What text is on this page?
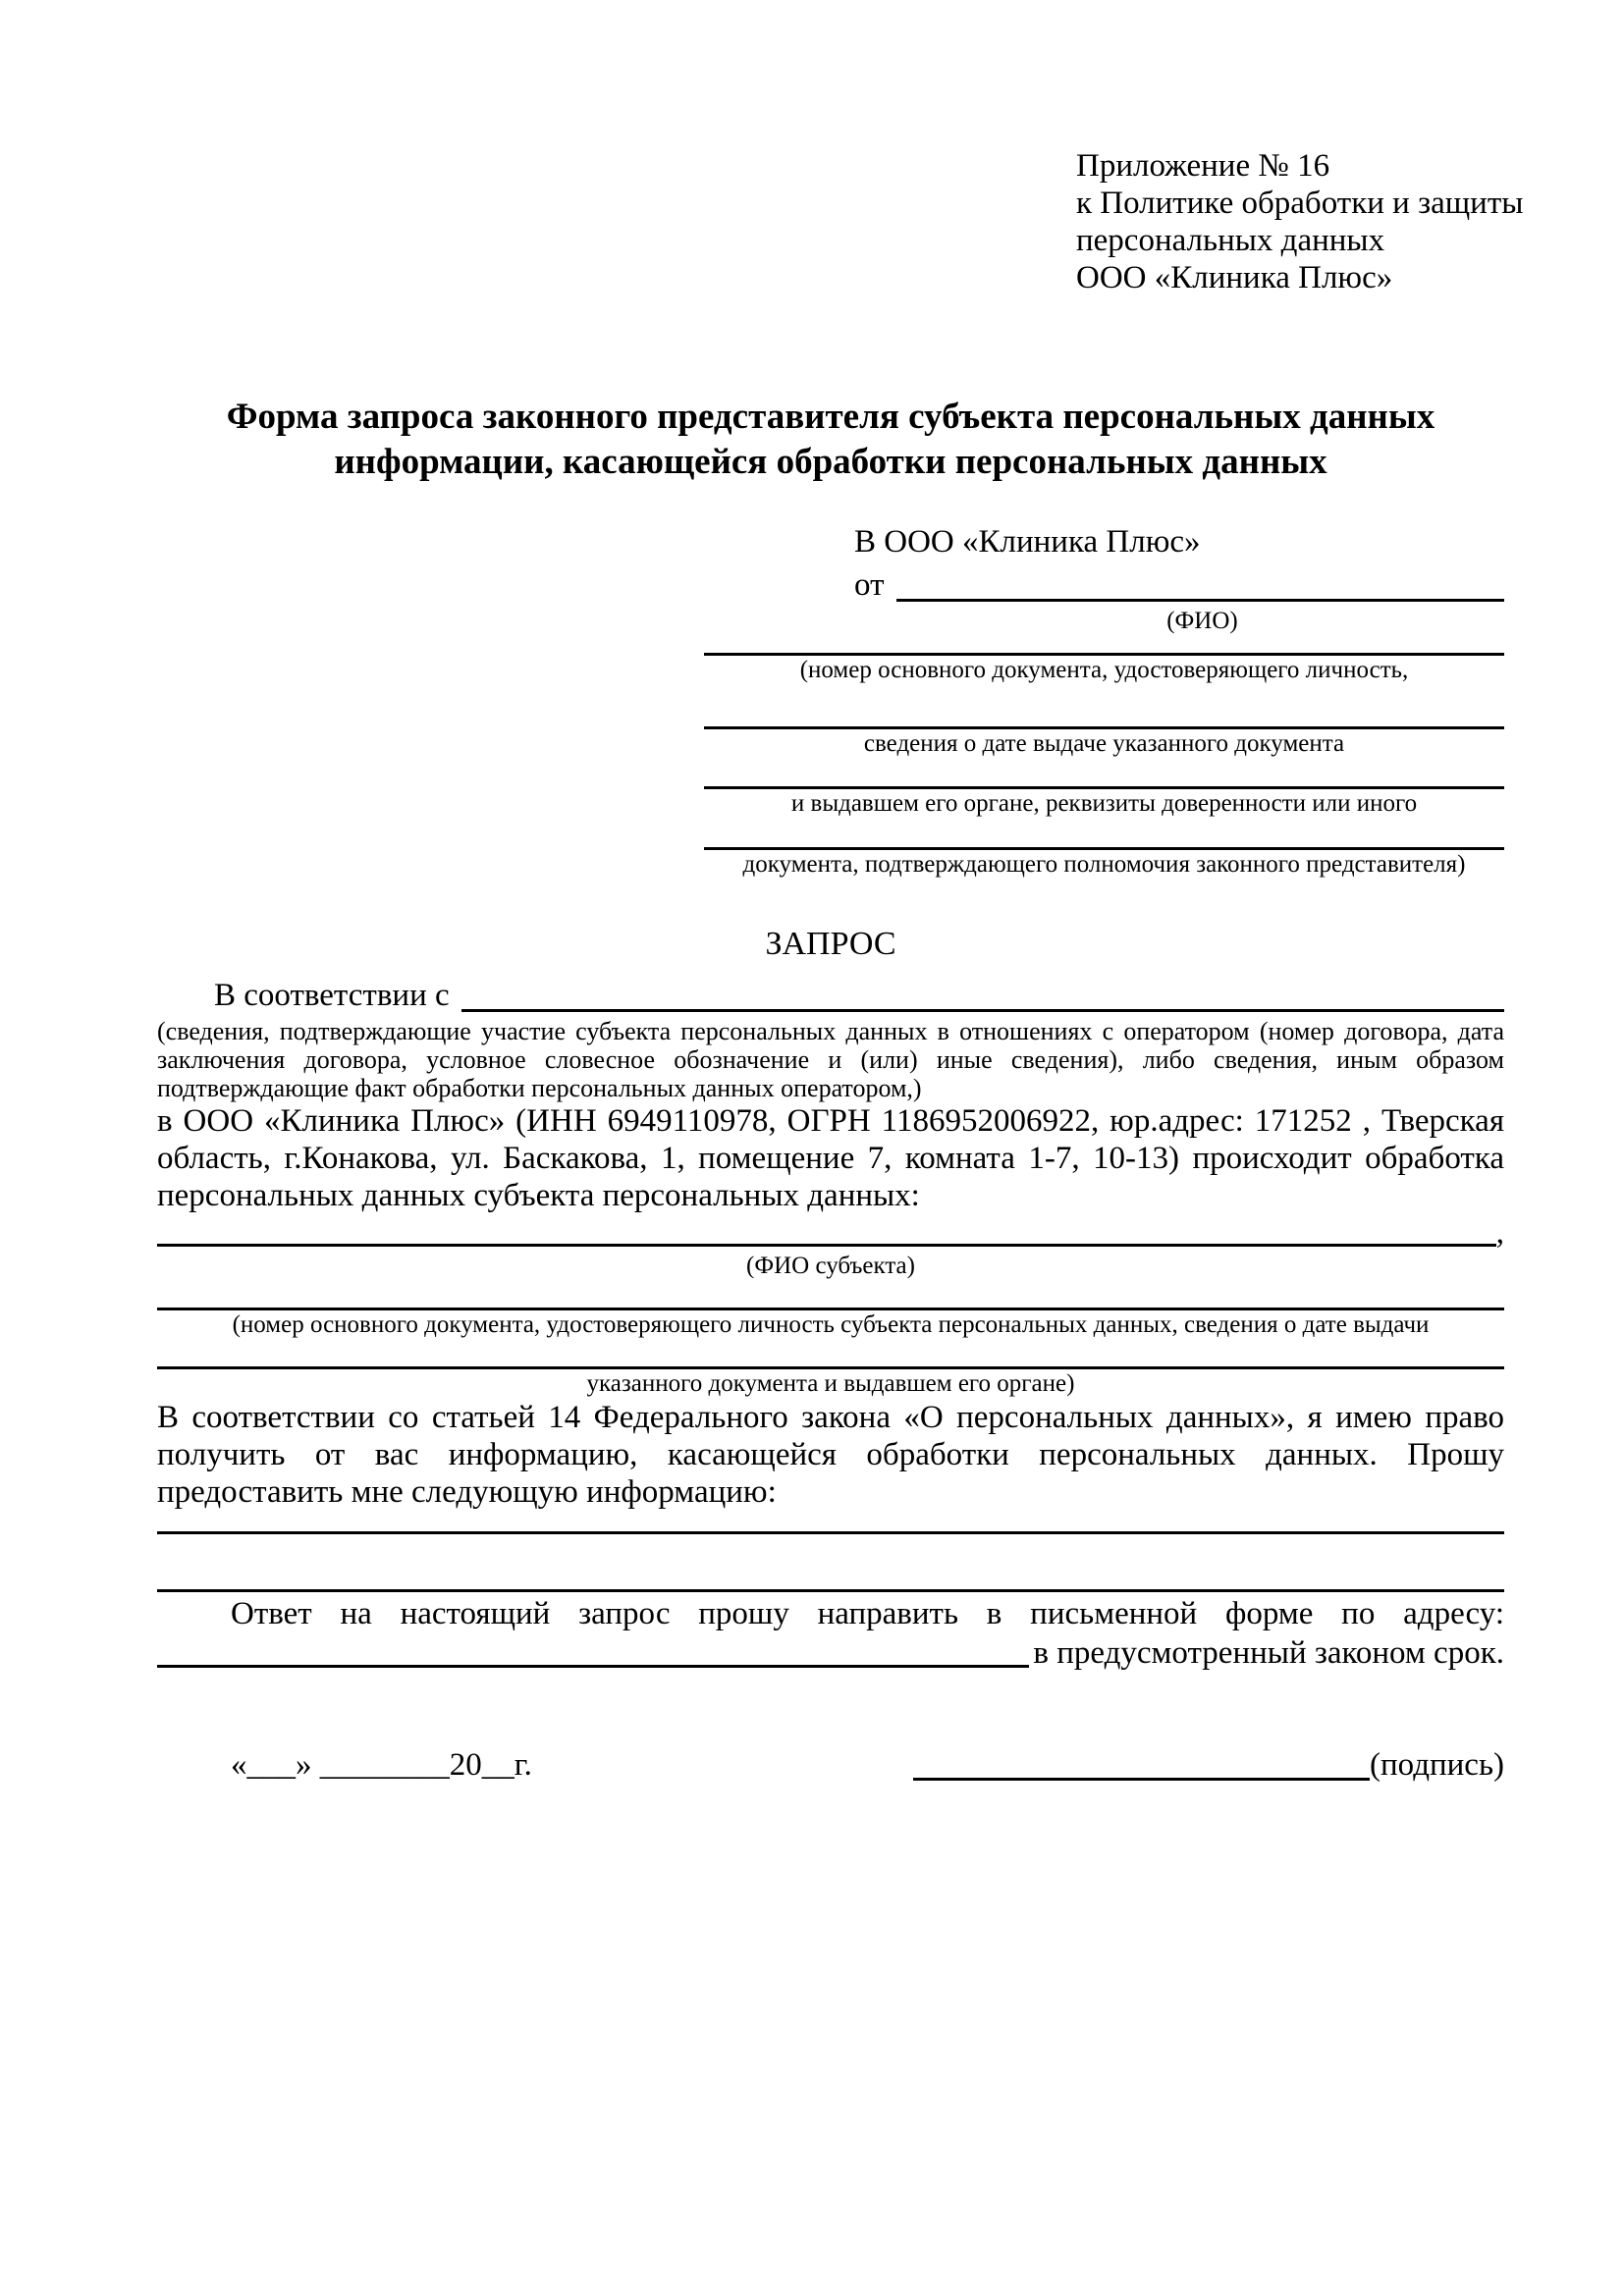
Приложение № 16
к Политике обработки и защиты
персональных данных
ООО «Клиника Плюс»
Форма запроса законного представителя субъекта персональных данных информации, касающейся обработки персональных данных
В ООО «Клиника Плюс»
от
(ФИО)
(номер основного документа, удостоверяющего личность,
сведения о дате выдаче указанного документа
и выдавшем его органе, реквизиты доверенности или иного
документа, подтверждающего полномочия законного представителя)
ЗАПРОС
В соответствии с

(сведения, подтверждающие участие субъекта персональных данных в отношениях с оператором (номер договора, дата заключения договора, условное словесное обозначение и (или) иные сведения), либо сведения, иным образом подтверждающие факт обработки персональных данных оператором,)

в ООО «Клиника Плюс» (ИНН 6949110978, ОГРН 1186952006922, юр.адрес: 171252 , Тверская область, г.Конакова, ул. Баскакова, 1, помещение 7, комната 1-7, 10-13) происходит обработка персональных данных субъекта персональных данных:

,
(ФИО субъекта)
(номер основного документа, удостоверяющего личность субъекта персональных данных, сведения о дате выдачи
указанного документа и выдавшем его органе)

В соответствии со статьей 14 Федерального закона «О персональных данных», я имею право получить от вас информацию, касающейся обработки персональных данных. Прошу предоставить мне следующую информацию:

Ответ на настоящий запрос прошу направить в письменной форме по адресу:

в предусмотренный законом срок.
«___» ________20__г.	(подпись)
